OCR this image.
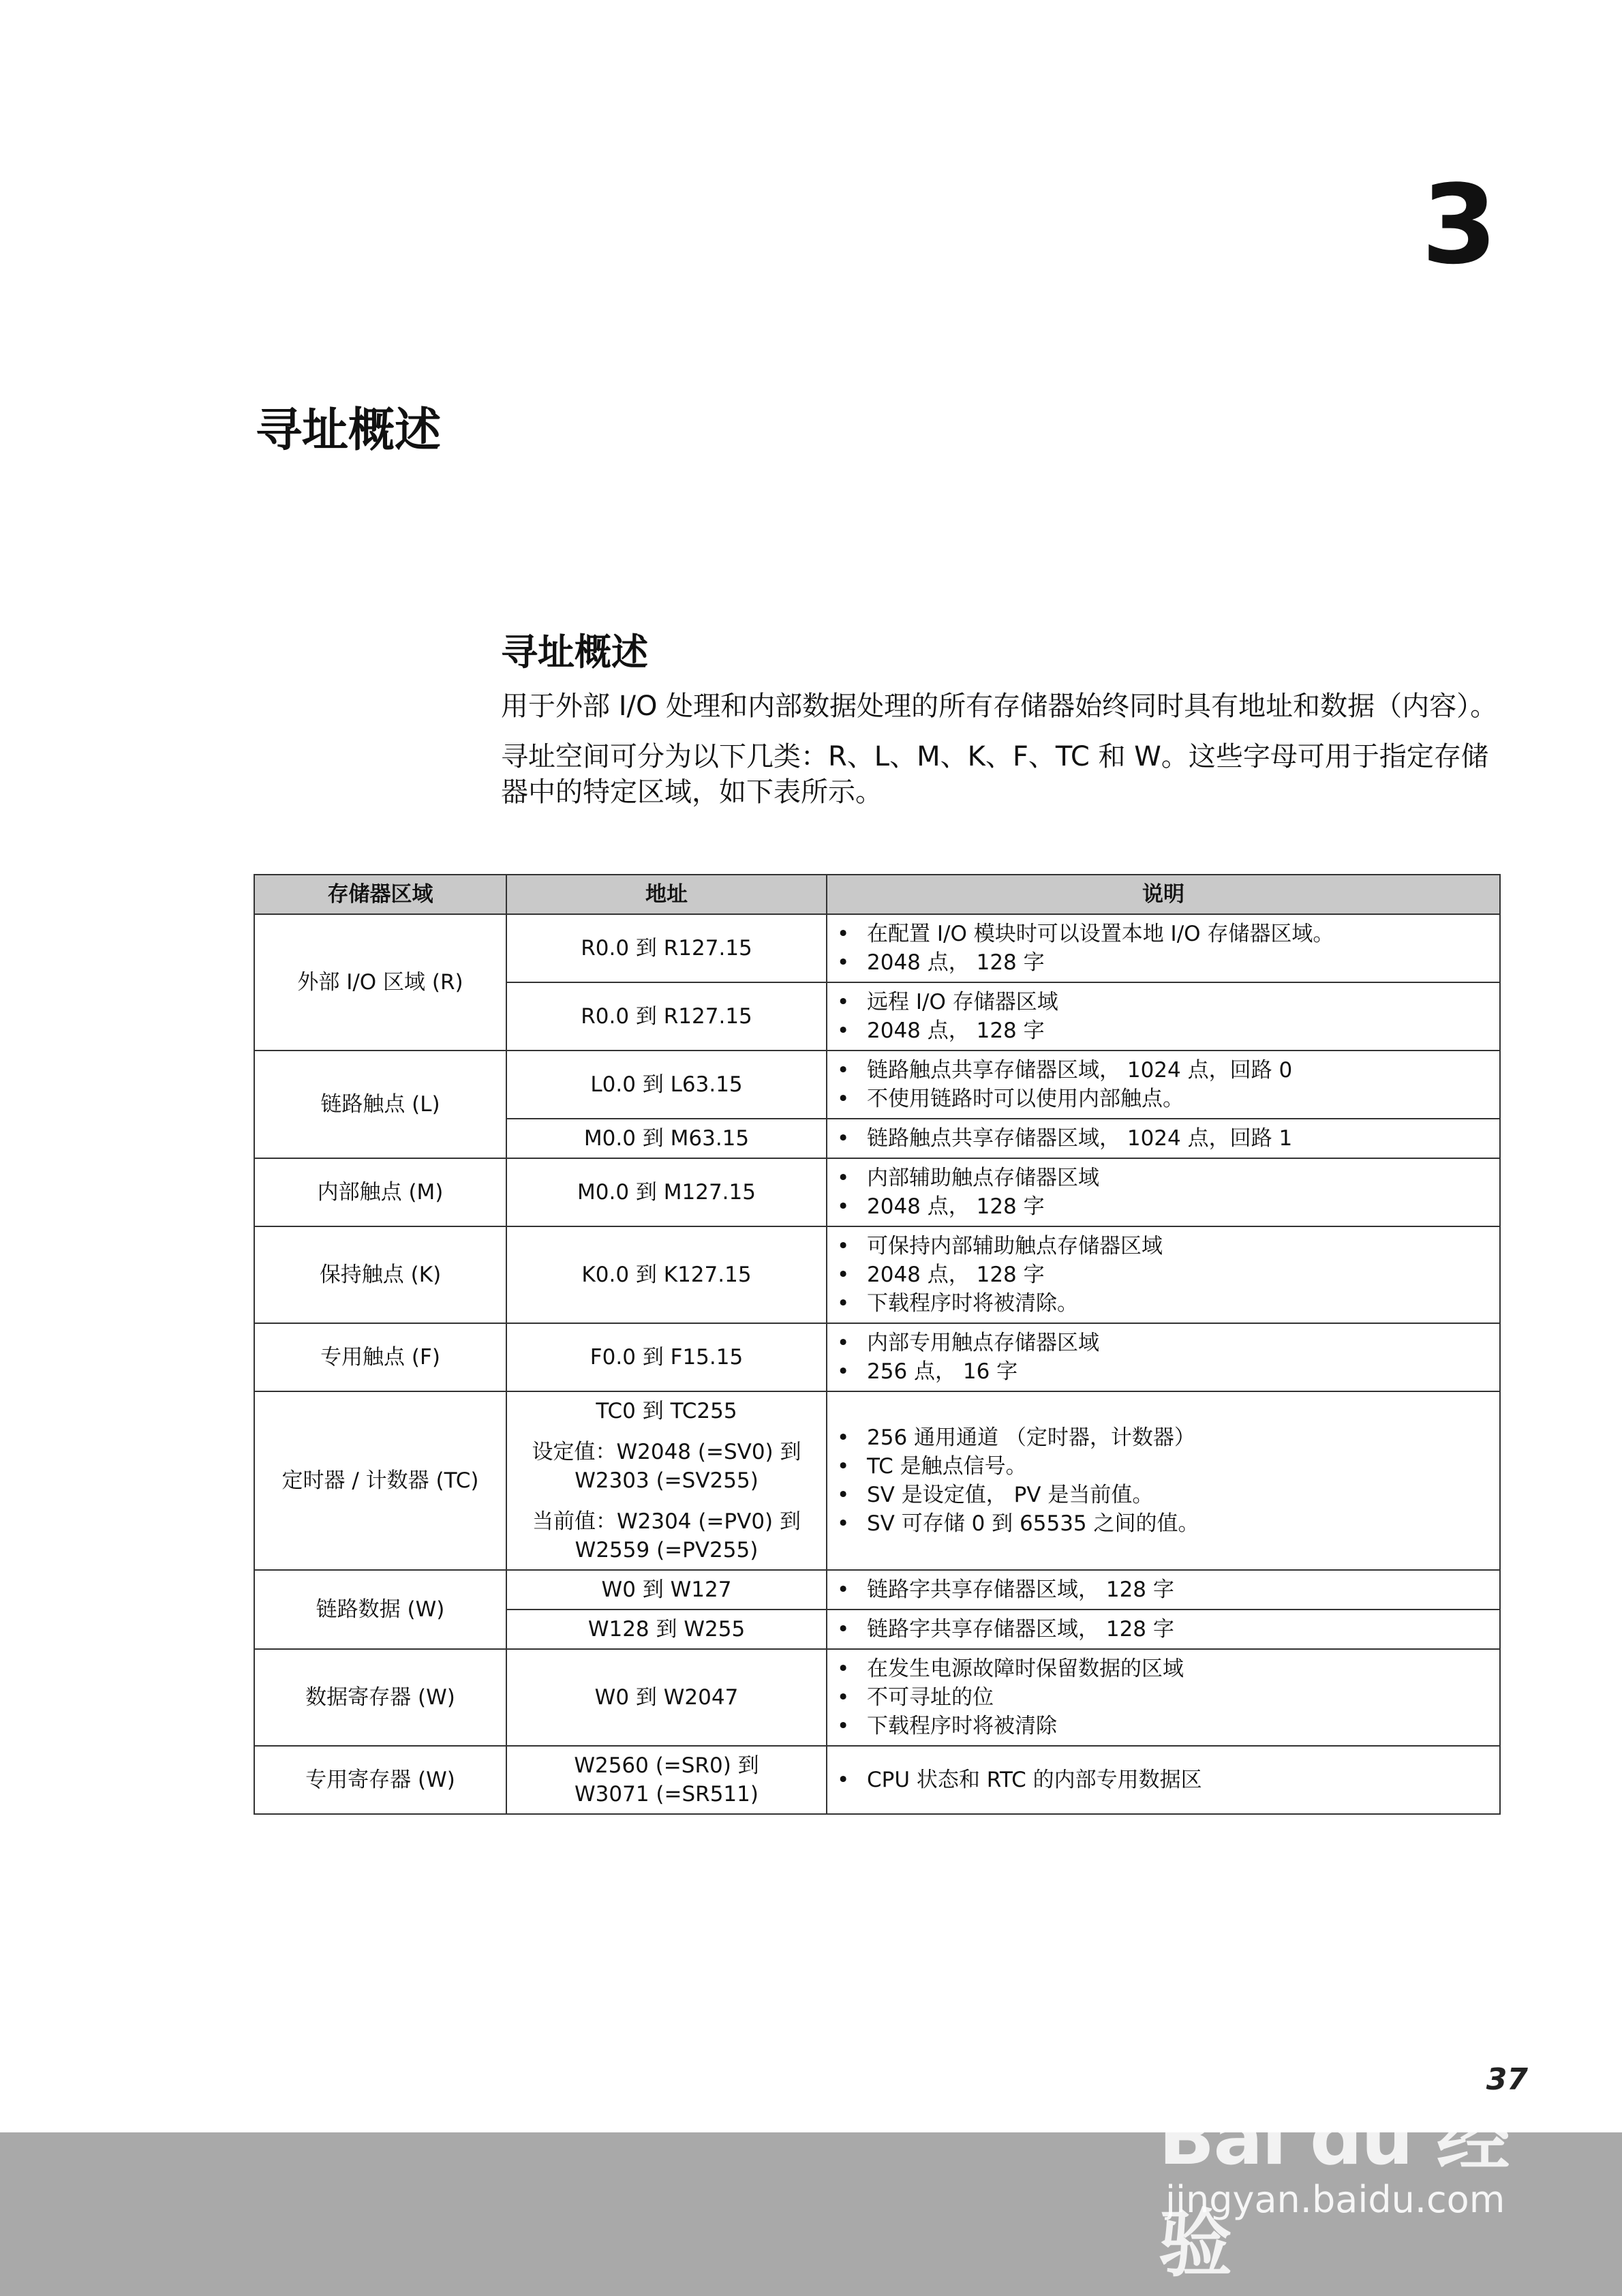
3
寻址概述
寻址概述

用于外部 I/O 处理和内部数据处理的所有存储器始终同时具有地址和数据（内容）。

寻址空间可分为以下几类：R、L、M、K、F、TC 和 W。这些字母可用于指定存储器中的特定区域，如下表所示。

存储器区域	地址	说明
外部 I/O 区域 (R)	R0.0 到 R127.15	• 在配置 I/O 模块时可以设置本地 I/O 存储器区域。
• 2048 点， 128 字

	R0.0 到 R127.15	• 远程 I/O 存储器区域
• 2048 点， 128 字

链路触点 (L)	L0.0 到 L63.15	• 链路触点共享存储器区域， 1024 点，回路 0
• 不使用链路时可以使用内部触点。

	M0.0 到 M63.15	• 链路触点共享存储器区域， 1024 点，回路 1

内部触点 (M)	M0.0 到 M127.15	• 内部辅助触点存储器区域
• 2048 点， 128 字

保持触点 (K)	K0.0 到 K127.15	• 可保持内部辅助触点存储器区域
• 2048 点， 128 字
• 下载程序时将被清除。

专用触点 (F)	F0.0 到 F15.15	• 内部专用触点存储器区域
• 256 点， 16 字

定时器 / 计数器 (TC)	TC0 到 TC255
设定值：W2048 (=SV0) 到
W2303 (=SV255)
当前值：W2304 (=PV0) 到
W2559 (=PV255)	• 256 通用通道 （定时器，计数器）
• TC 是触点信号。
• SV 是设定值， PV 是当前值。
• SV 可存储 0 到 65535 之间的值。

链路数据 (W)	W0 到 W127	• 链路字共享存储器区域， 128 字

	W128 到 W255	• 链路字共享存储器区域， 128 字

数据寄存器 (W)	W0 到 W2047	• 在发生电源故障时保留数据的区域
• 不可寻址的位
• 下载程序时将被清除

专用寄存器 (W)	W2560 (=SR0) 到
W3071 (=SR511)	• CPU 状态和 RTC 的内部专用数据区
Bai du 经验
jingyan.baidu.com
37
